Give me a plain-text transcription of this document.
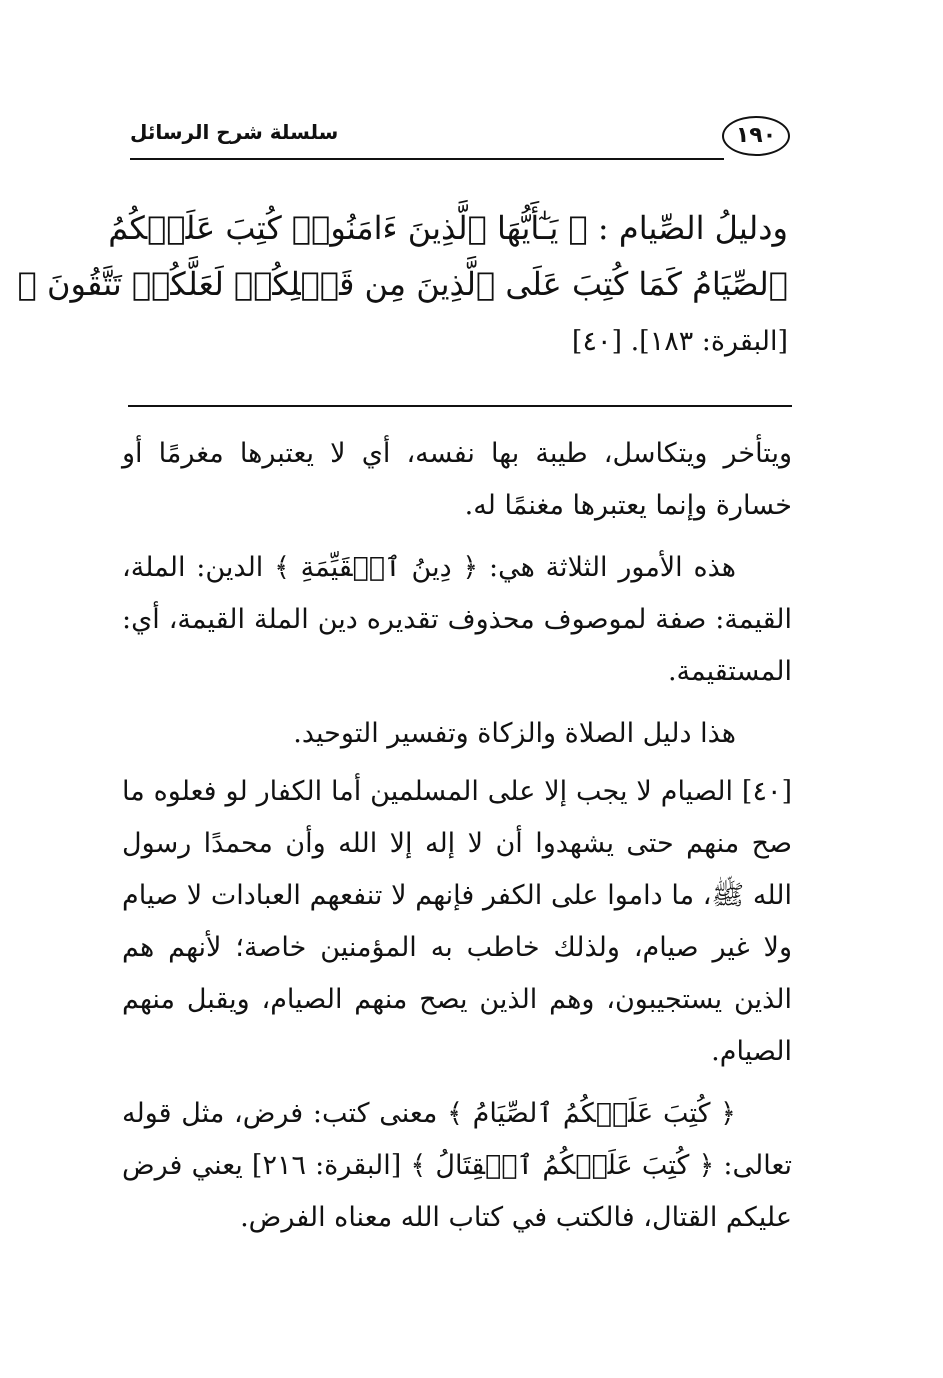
١٩٠
سلسلة شرح الرسائل
ودليلُ الصِّيام : ﴿ يَـٰٓأَيُّهَا ٱلَّذِينَ ءَامَنُوا۟ كُتِبَ عَلَيۡكُمُ
ٱلصِّيَامُ كَمَا كُتِبَ عَلَى ٱلَّذِينَ مِن قَبۡلِكُمۡ لَعَلَّكُمۡ تَتَّقُونَ ﴾
[البقرة: ١٨٣]. [٤٠]

ويتأخر ويتكاسل، طيبة بها نفسه، أي لا يعتبرها مغرمًا أو خسارة وإنما يعتبرها مغنمًا له.

هذه الأمور الثلاثة هي: ﴿ دِينُ ٱلۡقَيِّمَةِ ﴾ الدين: الملة، القيمة: صفة لموصوف محذوف تقديره دين الملة القيمة، أي: المستقيمة.

هذا دليل الصلاة والزكاة وتفسير التوحيد.

[٤٠] الصيام لا يجب إلا على المسلمين أما الكفار لو فعلوه ما صح منهم حتى يشهدوا أن لا إله إلا الله وأن محمدًا رسول الله ﷺ، ما داموا على الكفر فإنهم لا تنفعهم العبادات لا صيام ولا غير صيام، ولذلك خاطب به المؤمنين خاصة؛ لأنهم هم الذين يستجيبون، وهم الذين يصح منهم الصيام، ويقبل منهم الصيام.

﴿ كُتِبَ عَلَيۡكُمُ ٱلصِّيَامُ ﴾ معنى كتب: فرض، مثل قوله تعالى: ﴿ كُتِبَ عَلَيۡكُمُ ٱلۡقِتَالُ ﴾ [البقرة: ٢١٦] يعني فرض عليكم القتال، فالكتب في كتاب الله معناه الفرض.
